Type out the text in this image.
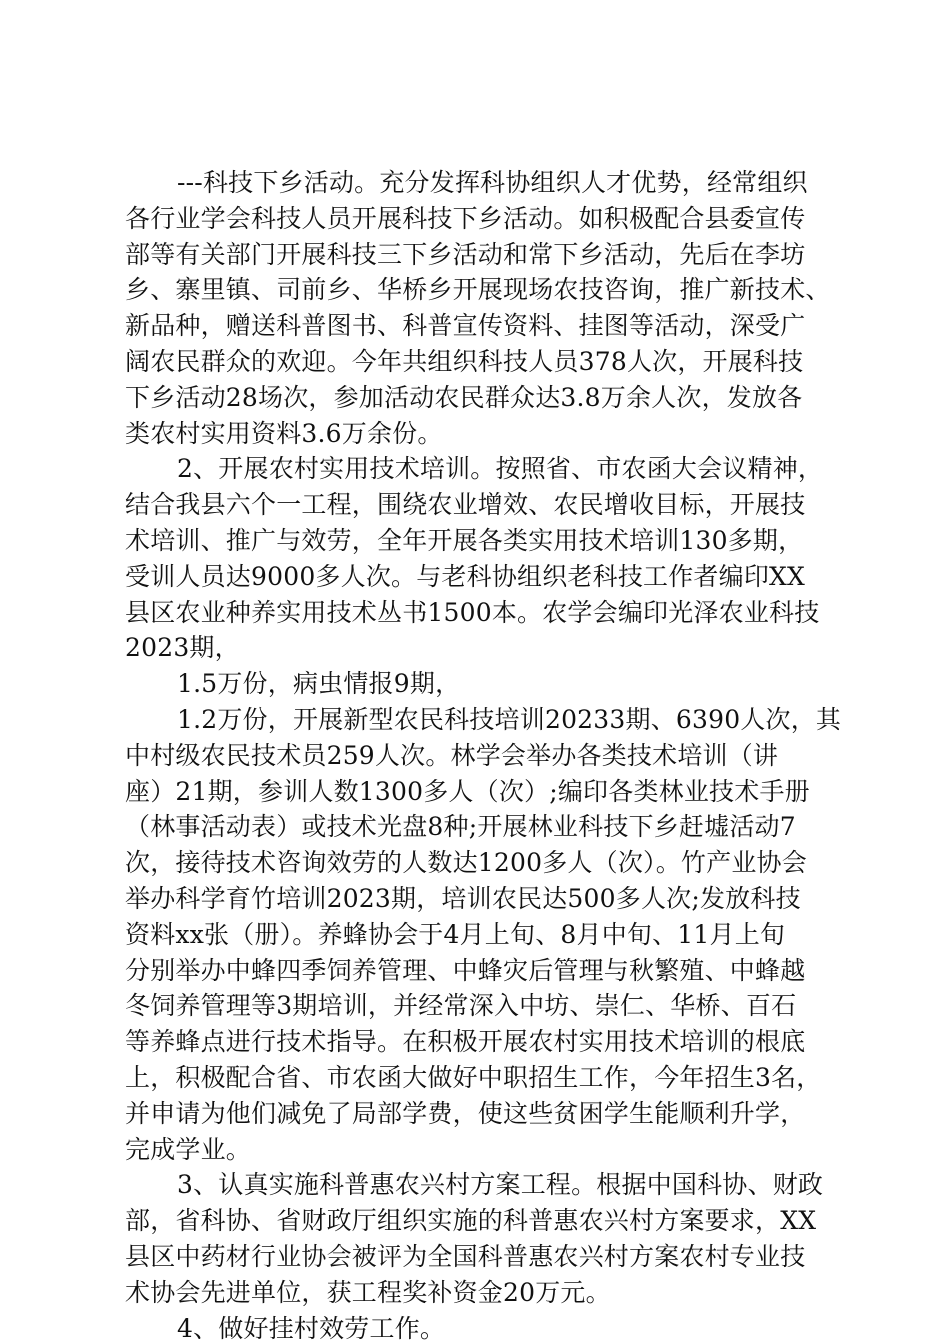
---科技下乡活动。充分发挥科协组织人才优势，经常组织

各行业学会科技人员开展科技下乡活动。如积极配合县委宣传

部等有关部门开展科技三下乡活动和常下乡活动，先后在李坊

乡、寨里镇、司前乡、华桥乡开展现场农技咨询，推广新技术、

新品种，赠送科普图书、科普宣传资料、挂图等活动，深受广

阔农民群众的欢迎。今年共组织科技人员378人次，开展科技

下乡活动28场次，参加活动农民群众达3.8万余人次，发放各

类农村实用资料3.6万余份。

2、开展农村实用技术培训。按照省、市农函大会议精神，

结合我县六个一工程，围绕农业增效、农民增收目标，开展技

术培训、推广与效劳，全年开展各类实用技术培训130多期，

受训人员达9000多人次。与老科协组织老科技工作者编印XX

县区农业种养实用技术丛书1500本。农学会编印光泽农业科技

2023期，

1.5万份，病虫情报9期，

1.2万份，开展新型农民科技培训20233期、6390人次，其

中村级农民技术员259人次。林学会举办各类技术培训（讲

座）21期，参训人数1300多人（次）;编印各类林业技术手册

（林事活动表）或技术光盘8种;开展林业科技下乡赶墟活动7

次，接待技术咨询效劳的人数达1200多人（次）。竹产业协会

举办科学育竹培训2023期，培训农民达500多人次;发放科技

资料xx张（册）。养蜂协会于4月上旬、8月中旬、11月上旬

分别举办中蜂四季饲养管理、中蜂灾后管理与秋繁殖、中蜂越

冬饲养管理等3期培训，并经常深入中坊、崇仁、华桥、百石

等养蜂点进行技术指导。在积极开展农村实用技术培训的根底

上，积极配合省、市农函大做好中职招生工作，今年招生3名，

并申请为他们减免了局部学费，使这些贫困学生能顺利升学，

完成学业。

3、认真实施科普惠农兴村方案工程。根据中国科协、财政

部，省科协、省财政厅组织实施的科普惠农兴村方案要求，XX

县区中药材行业协会被评为全国科普惠农兴村方案农村专业技

术协会先进单位，获工程奖补资金20万元。

4、做好挂村效劳工作。
